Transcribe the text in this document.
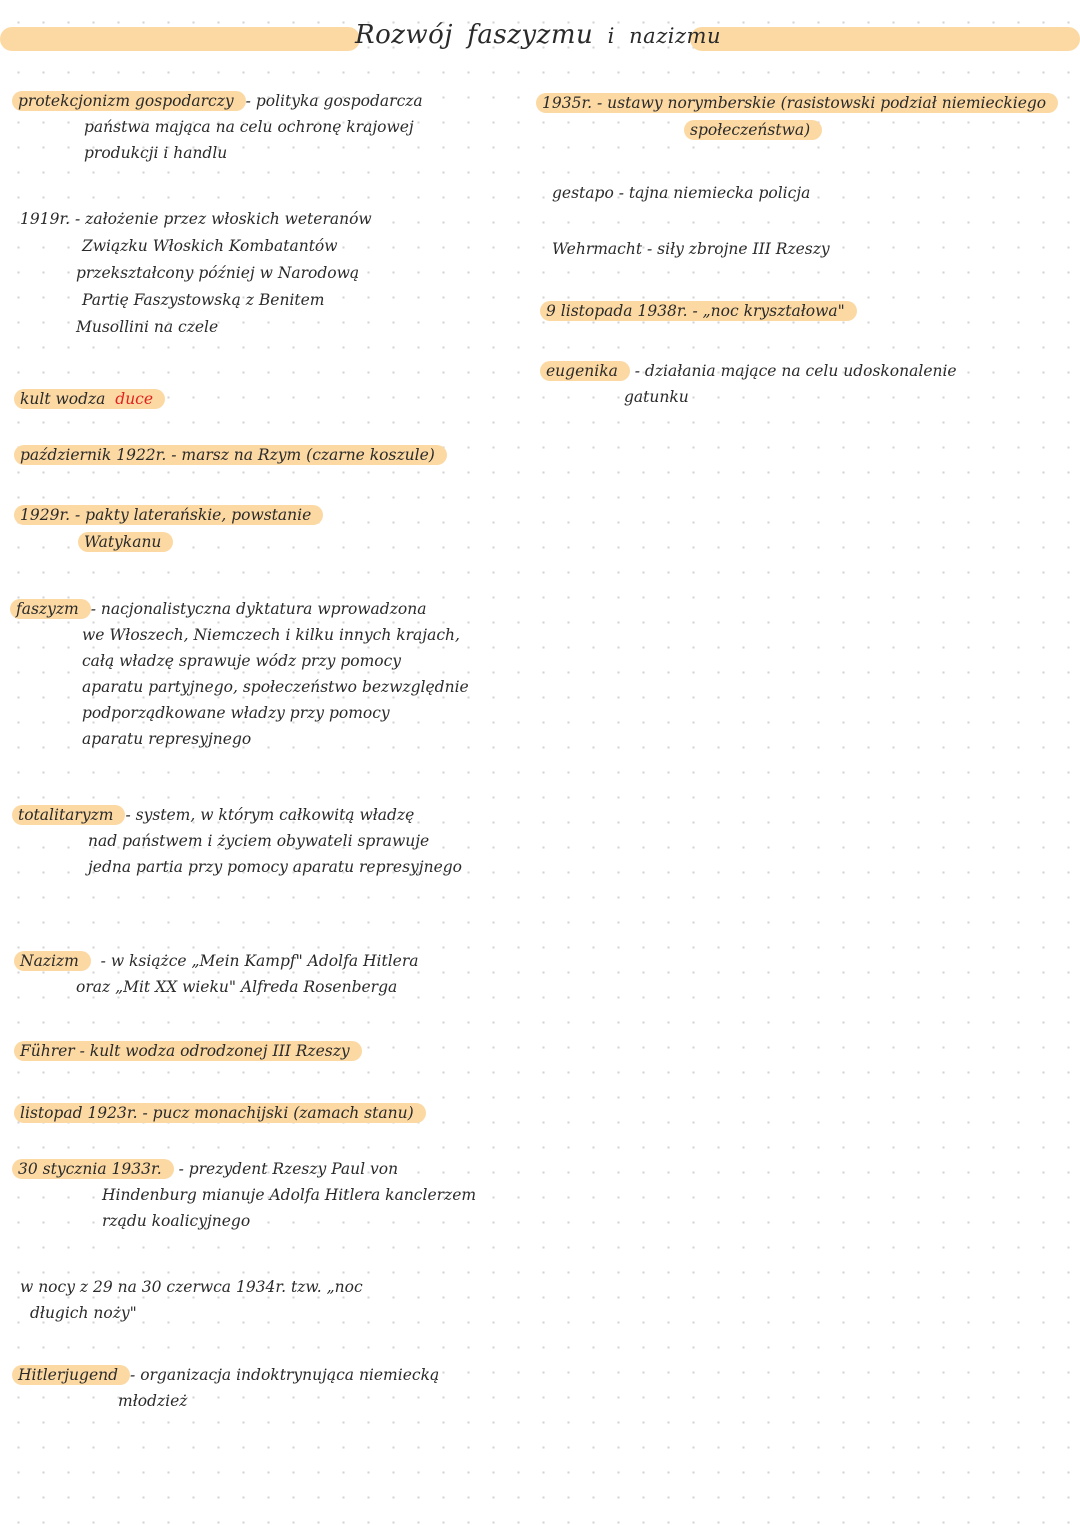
Rozwój faszyzmu i nazizmu
protekcjonizm gospodarczy - polityka gospodarcza
państwa mająca na celu ochronę krajowej
produkcji i handlu
1919r. - założenie przez włoskich weteranów
Związku Włoskich Kombatantów
przekształcony później w Narodową
Partię Faszystowską z Benitem
Musollini na czele
kult wodza duce
październik 1922r. - marsz na Rzym (czarne koszule)
1929r. - pakty laterańskie, powstanie
Watykanu
faszyzm - nacjonalistyczna dyktatura wprowadzona
we Włoszech, Niemczech i kilku innych krajach,
całą władzę sprawuje wódz przy pomocy
aparatu partyjnego, społeczeństwo bezwzględnie
podporządkowane władzy przy pomocy
aparatu represyjnego
totalitaryzm - system, w którym całkowitą władzę
nad państwem i życiem obywateli sprawuje
jedna partia przy pomocy aparatu represyjnego
Nazizm - w książce „Mein Kampf" Adolfa Hitlera
oraz „Mit XX wieku" Alfreda Rosenberga
Führer - kult wodza odrodzonej III Rzeszy
listopad 1923r. - pucz monachijski (zamach stanu)
30 stycznia 1933r. - prezydent Rzeszy Paul von
Hindenburg mianuje Adolfa Hitlera kanclerzem
rządu koalicyjnego
w nocy z 29 na 30 czerwca 1934r. tzw. „noc
długich noży"
Hitlerjugend - organizacja indoktrynująca niemiecką
młodzież
1935r. - ustawy norymberskie (rasistowski podział niemieckiego
społeczeństwa)
gestapo - tajna niemiecka policja
Wehrmacht - siły zbrojne III Rzeszy
9 listopada 1938r. - „noc kryształowa"
eugenika - działania mające na celu udoskonalenie
gatunku
